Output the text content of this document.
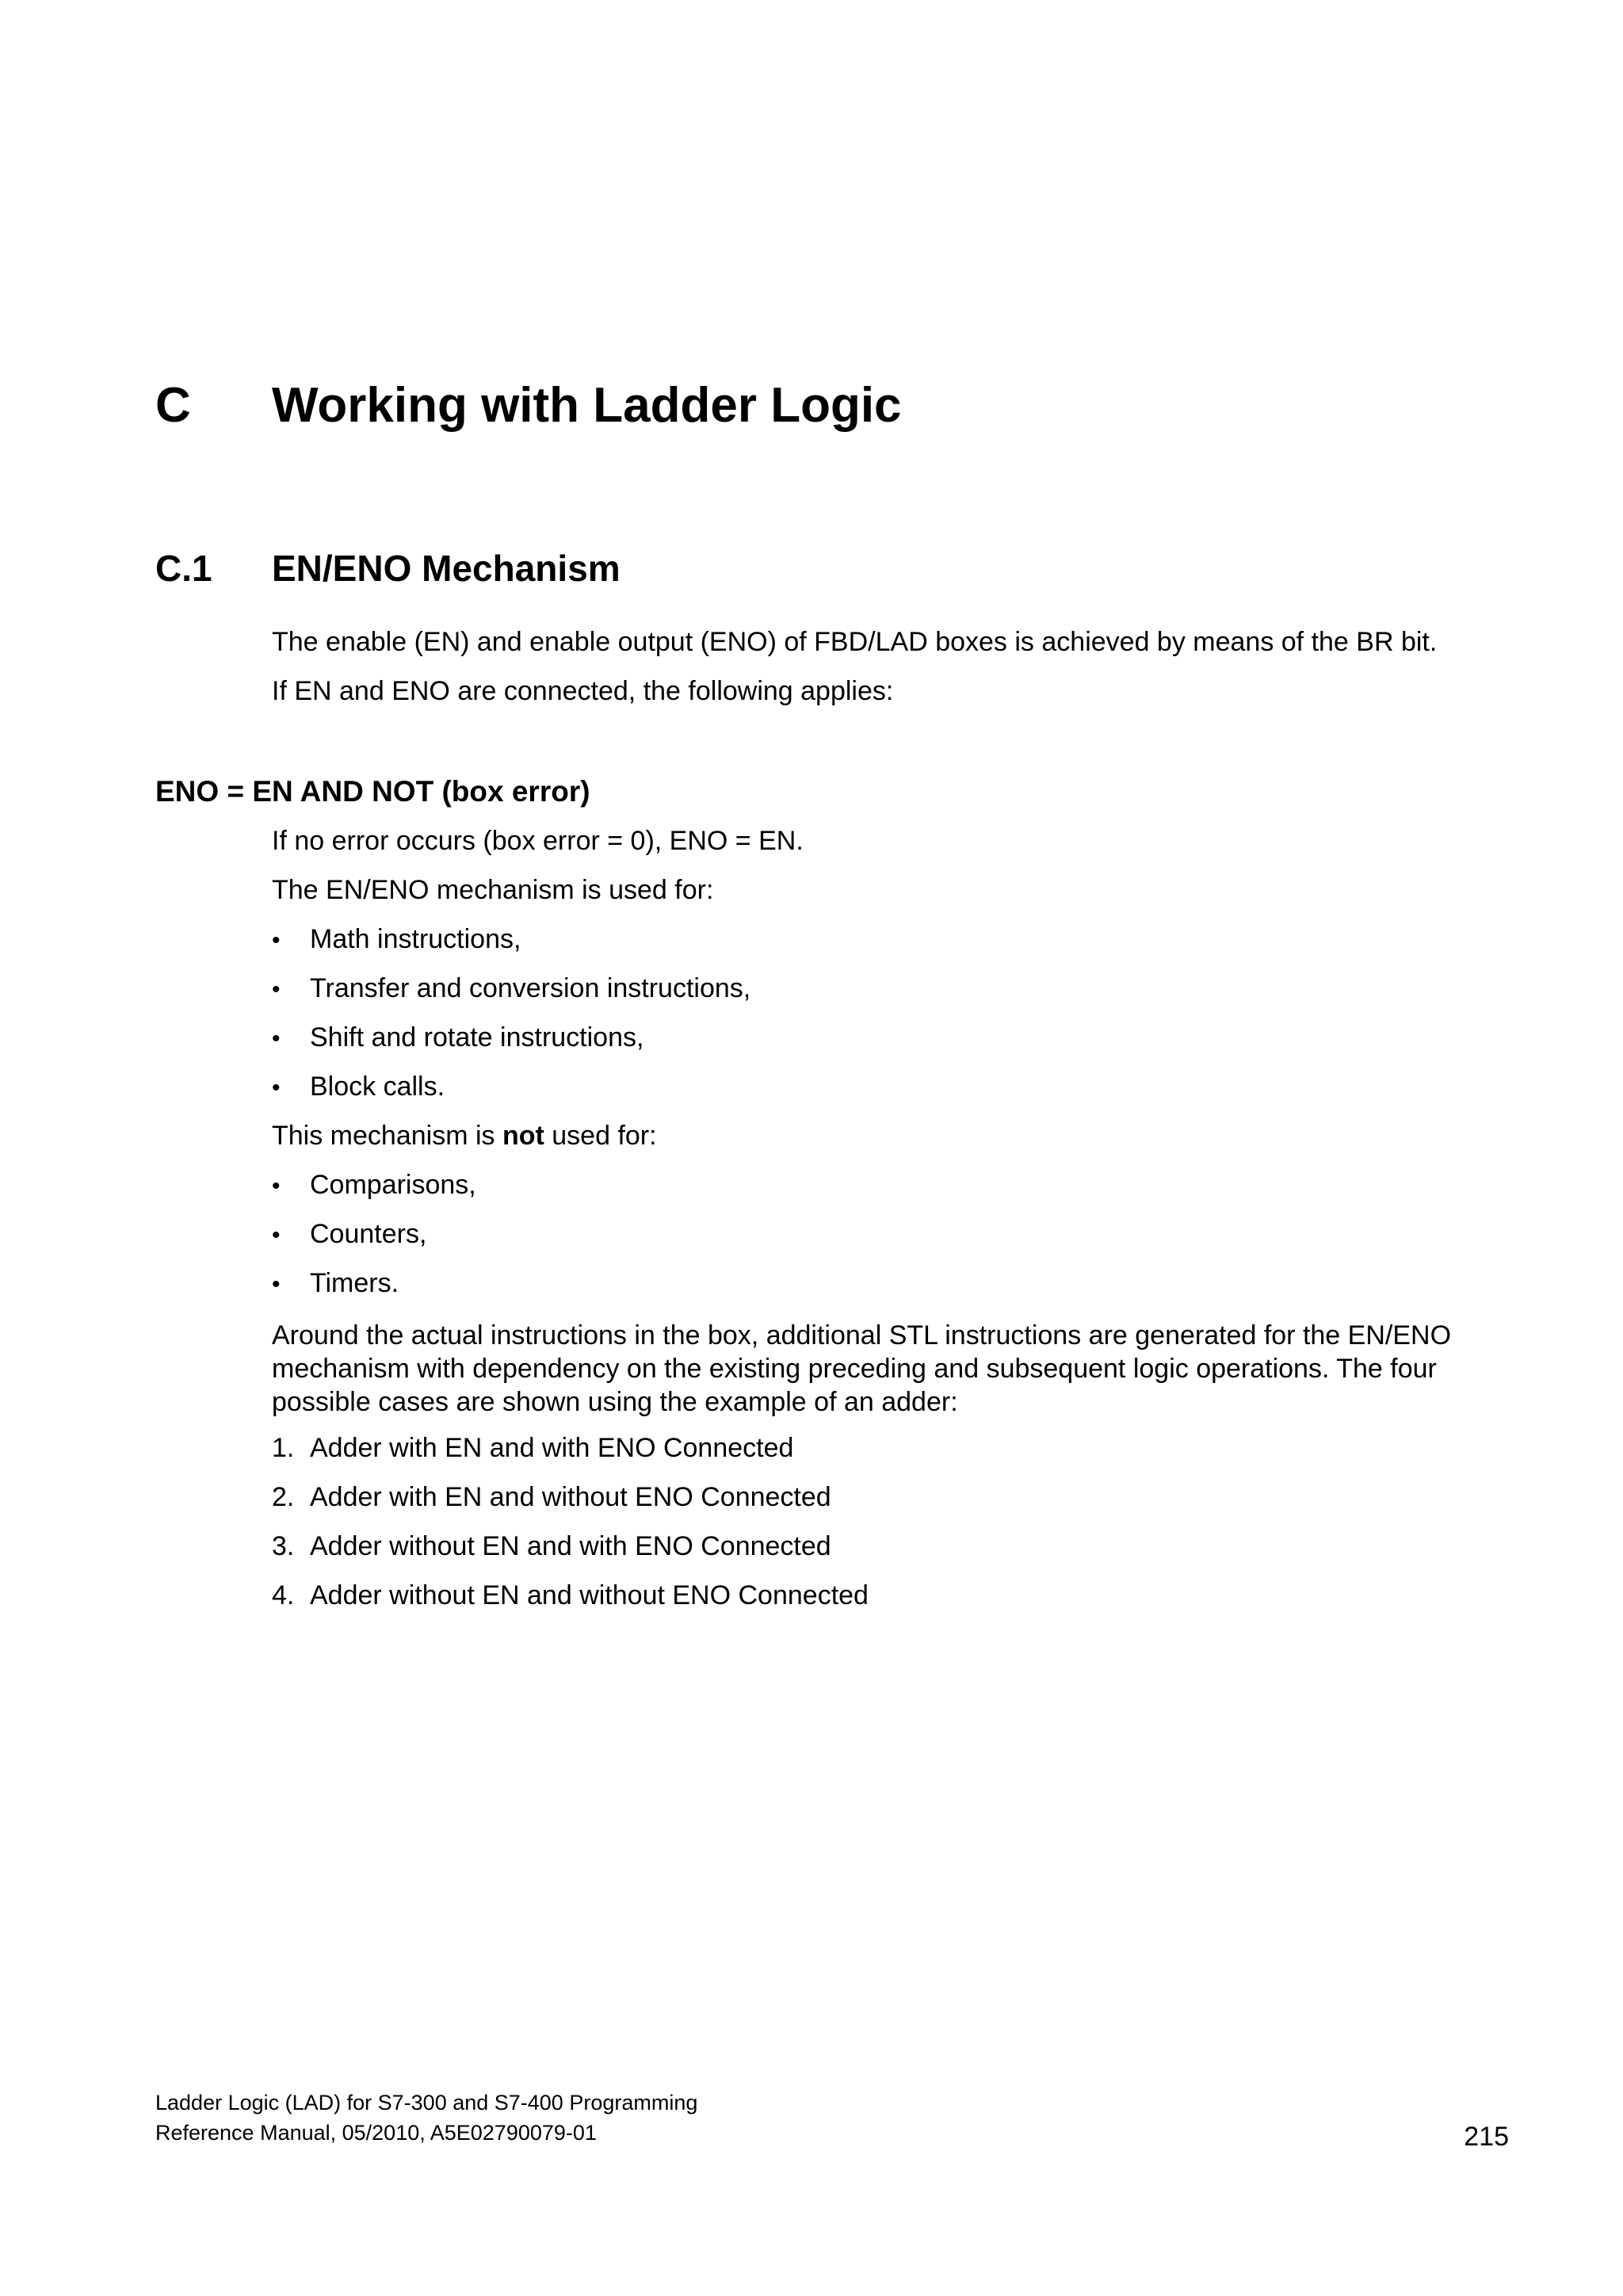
C Working with Ladder Logic
C.1 EN/ENO Mechanism
The enable (EN) and enable output (ENO) of FBD/LAD boxes is achieved by means of the BR bit.
If EN and ENO are connected, the following applies:
ENO = EN AND NOT (box error)
If no error occurs (box error = 0), ENO = EN.
The EN/ENO mechanism is used for:
• Math instructions,
• Transfer and conversion instructions,
• Shift and rotate instructions,
• Block calls.
This mechanism is not used for:
• Comparisons,
• Counters,
• Timers.
Around the actual instructions in the box, additional STL instructions are generated for the EN/ENO mechanism with dependency on the existing preceding and subsequent logic operations. The four possible cases are shown using the example of an adder:
1. Adder with EN and with ENO Connected
2. Adder with EN and without ENO Connected
3. Adder without EN and with ENO Connected
4. Adder without EN and without ENO Connected
Ladder Logic (LAD) for S7-300 and S7-400 Programming
Reference Manual, 05/2010, A5E02790079-01	215
